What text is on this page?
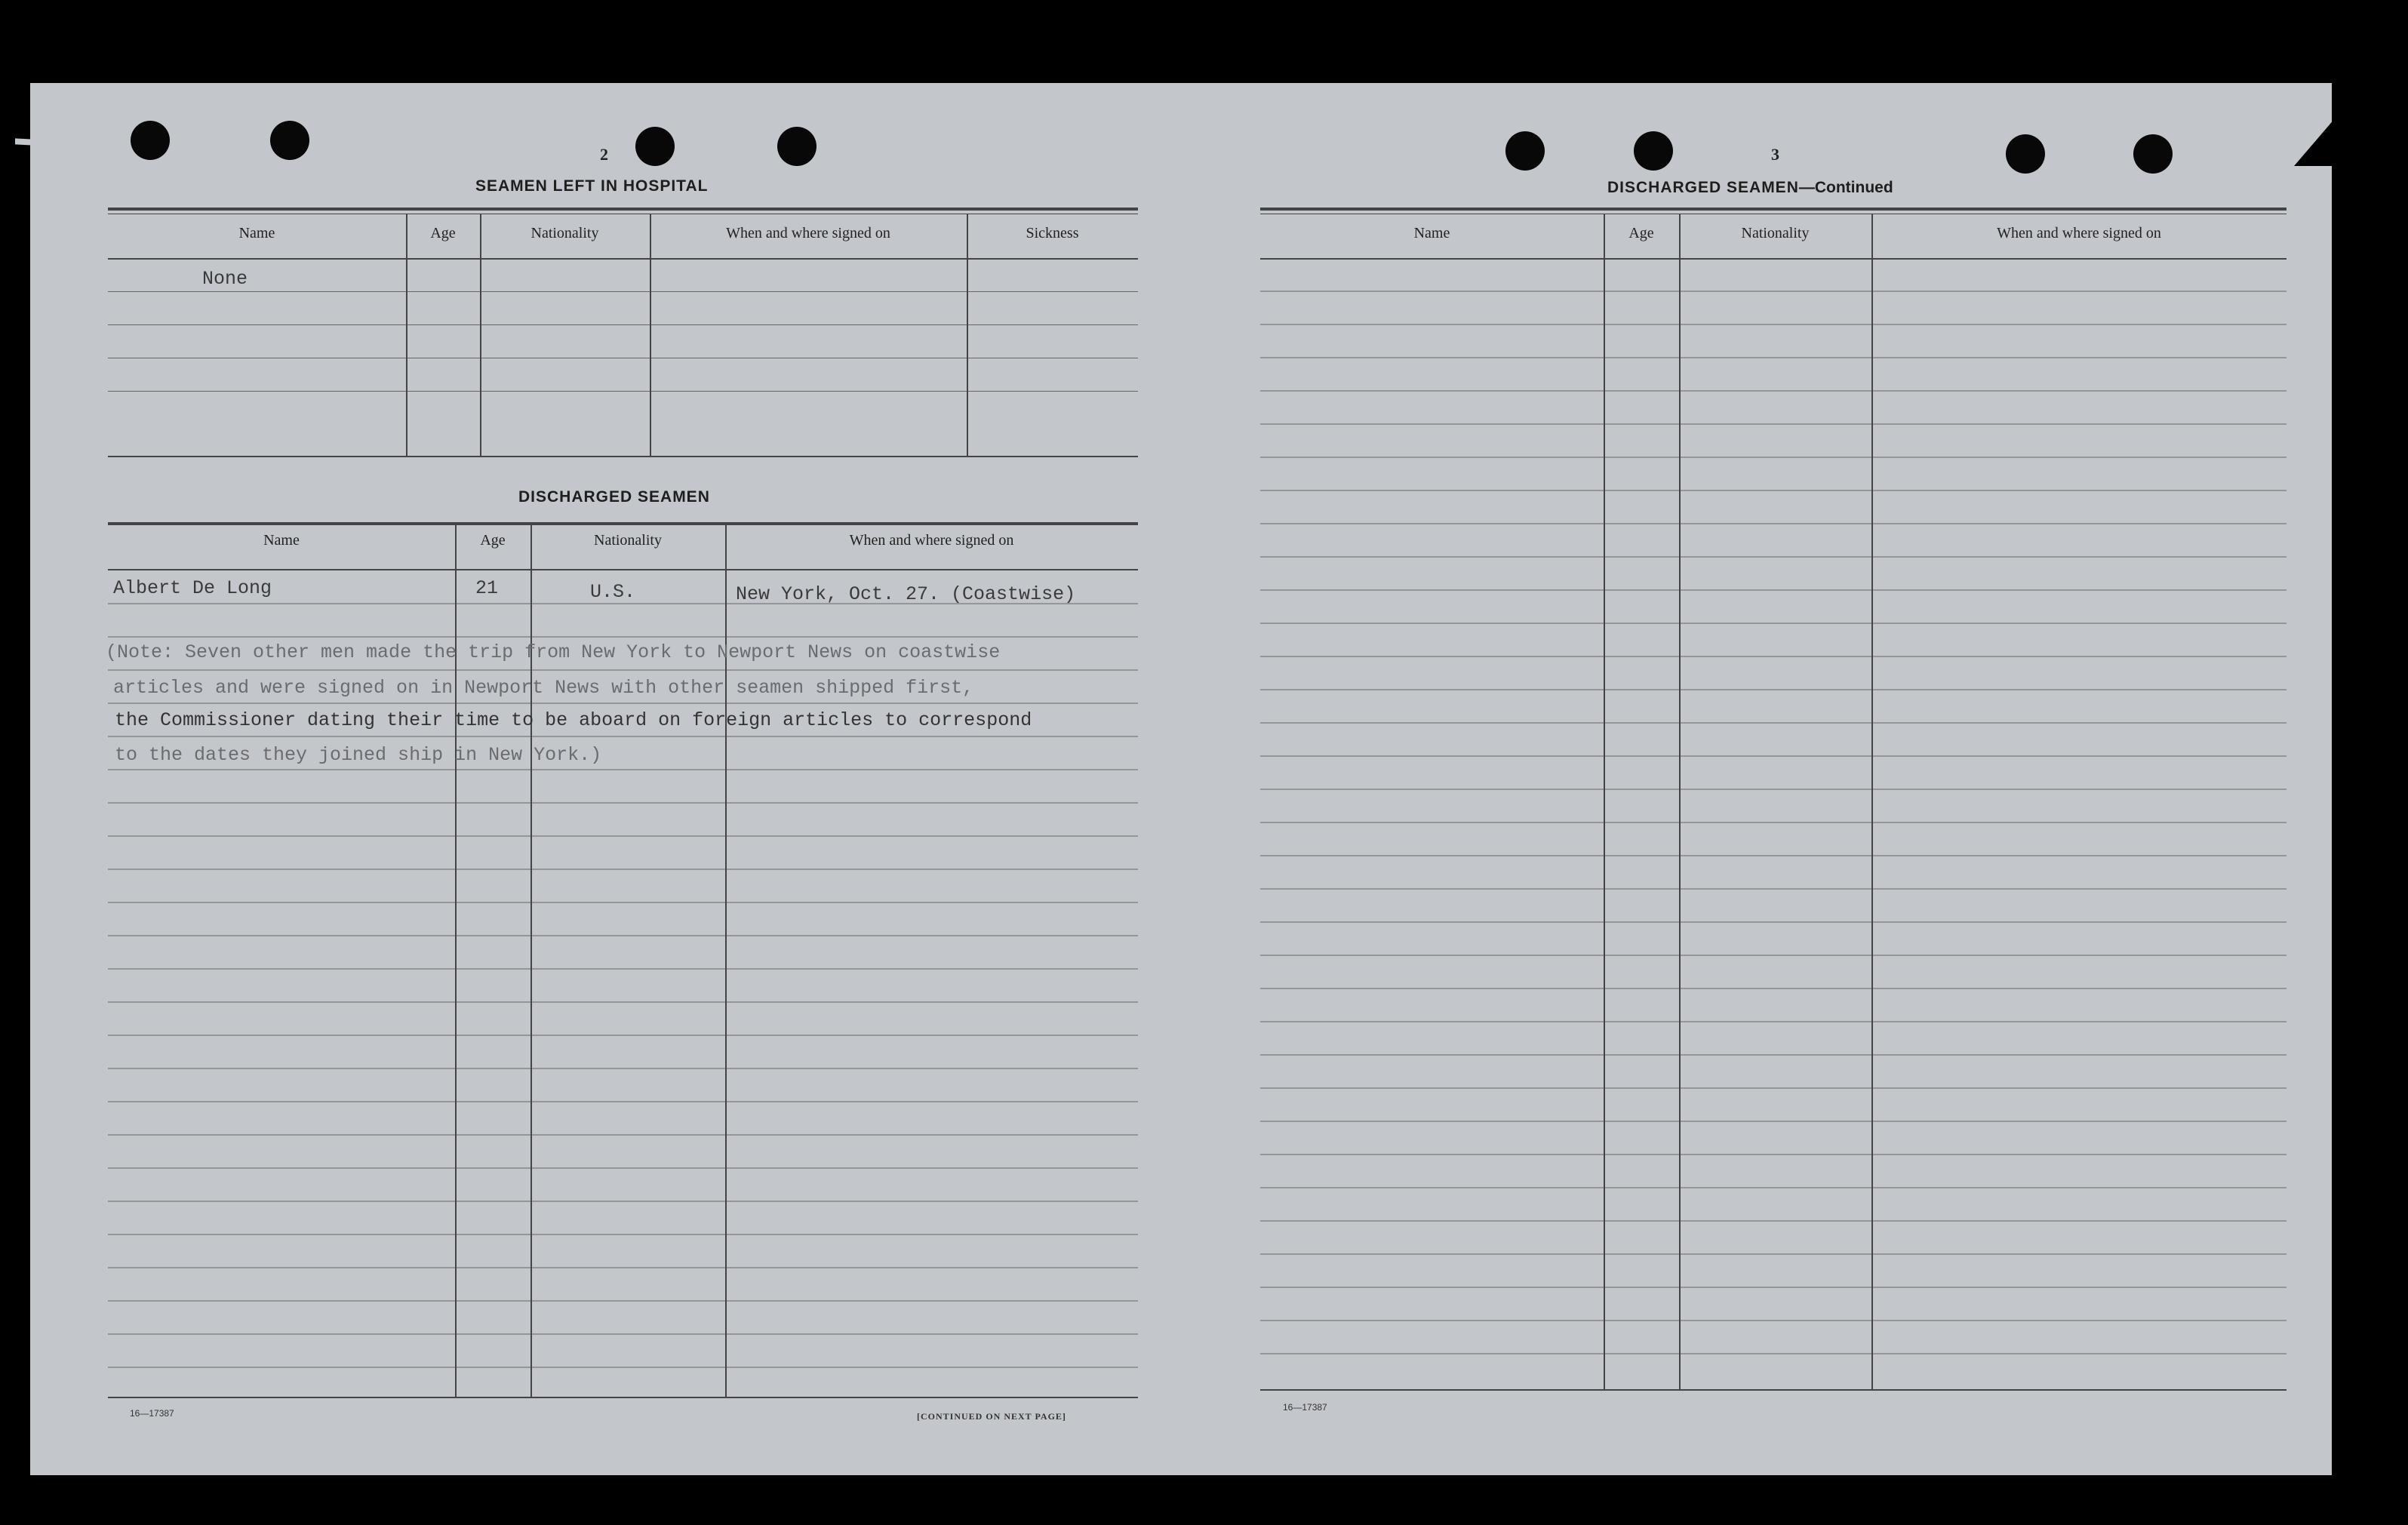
2
SEAMEN LEFT IN HOSPITAL
Name	Age	Nationality	When and where signed on	Sickness
None
DISCHARGED SEAMEN
Name	Age	Nationality	When and where signed on
Albert De Long	21	U.S.	New York, Oct. 27. (Coastwise)
(Note: Seven other men made the trip from New York to Newport News on coastwise
articles and were signed on in Newport News with other seamen shipped first,
the Commissioner dating their time to be aboard on foreign articles to correspond
to the dates they joined ship in New York.)
16—17387	[CONTINUED ON NEXT PAGE]
3
DISCHARGED SEAMEN—Continued
Name	Age	Nationality	When and where signed on
16—17387
